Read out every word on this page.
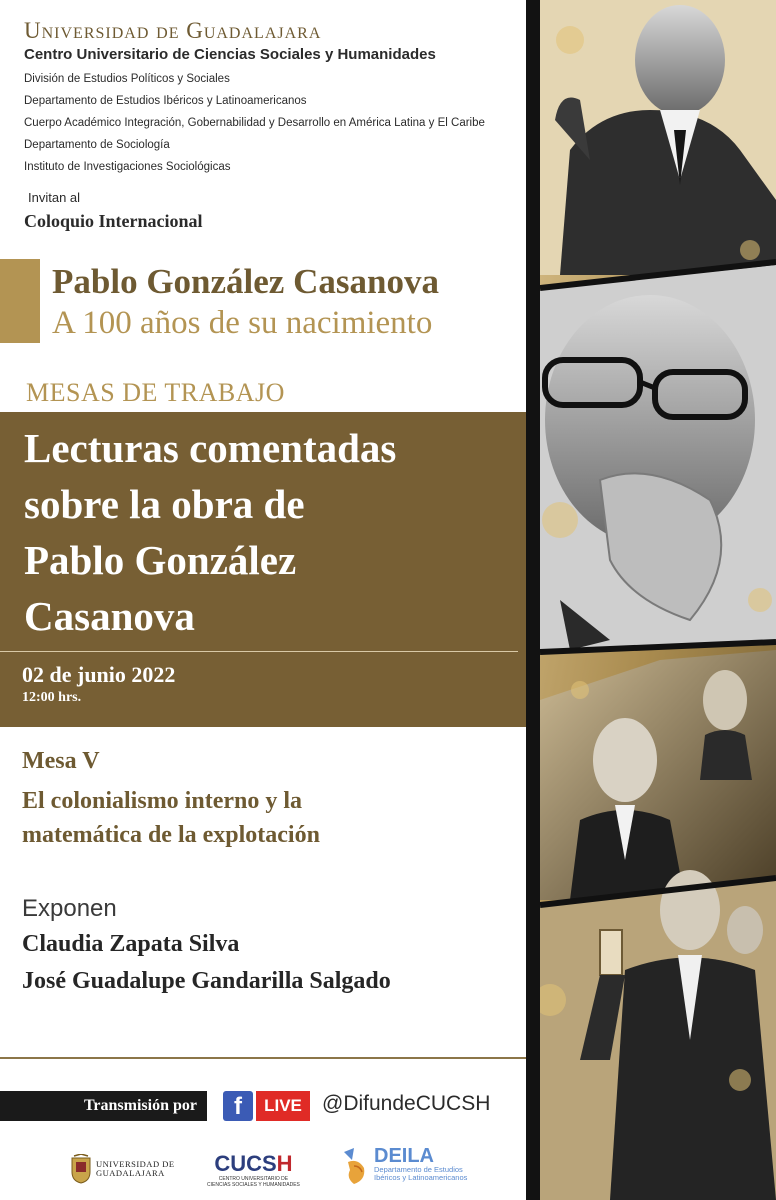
Universidad de Guadalajara
Centro Universitario de Ciencias Sociales y Humanidades
División de Estudios Políticos y Sociales
Departamento de Estudios Ibéricos y Latinoamericanos
Cuerpo Académico Integración, Gobernabilidad y Desarrollo en América Latina y El Caribe
Departamento de Sociología
Instituto de Investigaciones Sociológicas
Invitan al
Coloquio Internacional
Pablo González Casanova
A 100 años de su nacimiento
MESAS DE TRABAJO
Lecturas comentadas
sobre la obra de
Pablo González
Casanova
02 de junio 2022
12:00 hrs.
Mesa V
El colonialismo interno y la
matemática de la explotación
Exponen
Claudia Zapata Silva
José Guadalupe Gandarilla Salgado
Transmisión por	f	LIVE @DifundeCUCSH
UNIVERSIDAD DE
GUADALAJARA	CUCSH
CENTRO UNIVERSITARIO DE
CIENCIAS SOCIALES Y HUMANIDADES
DEILA
Departamento de Estudios
Ibéricos y Latinoamericanos
